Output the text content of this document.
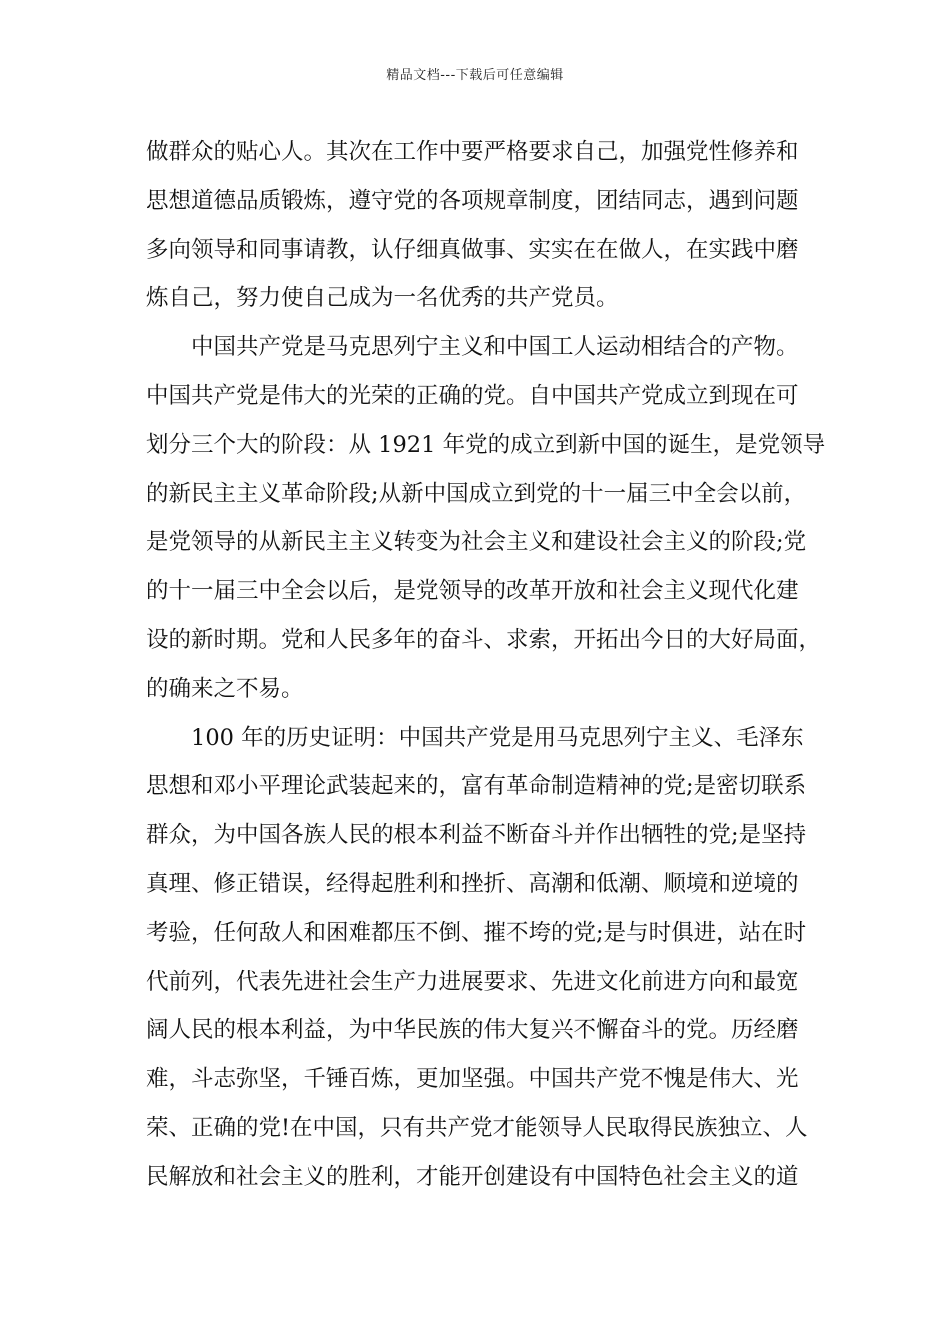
精品文档---下载后可任意编辑
做群众的贴心人。其次在工作中要严格要求自己，加强党性修养和
思想道德品质锻炼，遵守党的各项规章制度，团结同志，遇到问题
多向领导和同事请教，认仔细真做事、实实在在做人，在实践中磨
炼自己，努力使自己成为一名优秀的共产党员。
中国共产党是马克思列宁主义和中国工人运动相结合的产物。
中国共产党是伟大的光荣的正确的党。自中国共产党成立到现在可
划分三个大的阶段：从 1921 年党的成立到新中国的诞生，是党领导
的新民主主义革命阶段;从新中国成立到党的十一届三中全会以前，
是党领导的从新民主主义转变为社会主义和建设社会主义的阶段;党
的十一届三中全会以后，是党领导的改革开放和社会主义现代化建
设的新时期。党和人民多年的奋斗、求索，开拓出今日的大好局面，
的确来之不易。
100 年的历史证明：中国共产党是用马克思列宁主义、毛泽东
思想和邓小平理论武装起来的，富有革命制造精神的党;是密切联系
群众，为中国各族人民的根本利益不断奋斗并作出牺牲的党;是坚持
真理、修正错误，经得起胜利和挫折、高潮和低潮、顺境和逆境的
考验，任何敌人和困难都压不倒、摧不垮的党;是与时俱进，站在时
代前列，代表先进社会生产力进展要求、先进文化前进方向和最宽
阔人民的根本利益，为中华民族的伟大复兴不懈奋斗的党。历经磨
难，斗志弥坚，千锤百炼，更加坚强。中国共产党不愧是伟大、光
荣、正确的党!在中国，只有共产党才能领导人民取得民族独立、人
民解放和社会主义的胜利，才能开创建设有中国特色社会主义的道
